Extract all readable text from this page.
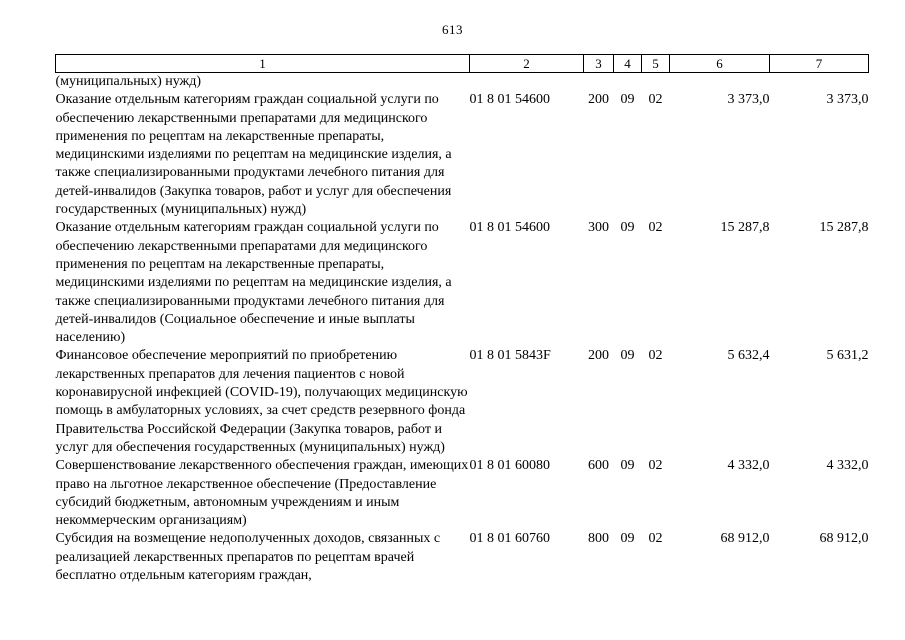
613
1	2	3	4	5	6	7
(муниципальных) нужд)						
Оказание отдельным категориям граждан социальной услуги по обеспечению лекарственными препаратами для медицинского применения по рецептам на лекарственные препараты, медицинскими изделиями по рецептам на медицинские изделия, а также специализированными продуктами лечебного питания для детей-инвалидов (Закупка товаров, работ и услуг для обеспечения государственных (муниципальных) нужд)	01 8 01 54600	200	09	02	3 373,0	3 373,0
Оказание отдельным категориям граждан социальной услуги по обеспечению лекарственными препаратами для медицинского применения по рецептам на лекарственные препараты, медицинскими изделиями по рецептам на медицинские изделия, а также специализированными продуктами лечебного питания для детей-инвалидов (Социальное обеспечение и иные выплаты населению)	01 8 01 54600	300	09	02	15 287,8	15 287,8
Финансовое обеспечение мероприятий по приобретению лекарственных препаратов для лечения пациентов с новой коронавирусной инфекцией (COVID-19), получающих медицинскую помощь в амбулаторных условиях, за счет средств резервного фонда Правительства Российской Федерации (Закупка товаров, работ и услуг для обеспечения государственных (муниципальных) нужд)	01 8 01 5843F	200	09	02	5 632,4	5 631,2
Совершенствование лекарственного обеспечения граждан, имеющих право на льготное лекарственное обеспечение (Предоставление субсидий бюджетным, автономным учреждениям и иным некоммерческим организациям)	01 8 01 60080	600	09	02	4 332,0	4 332,0
Субсидия на возмещение недополученных доходов, связанных с реализацией лекарственных препаратов по рецептам врачей бесплатно отдельным категориям граждан,	01 8 01 60760	800	09	02	68 912,0	68 912,0
